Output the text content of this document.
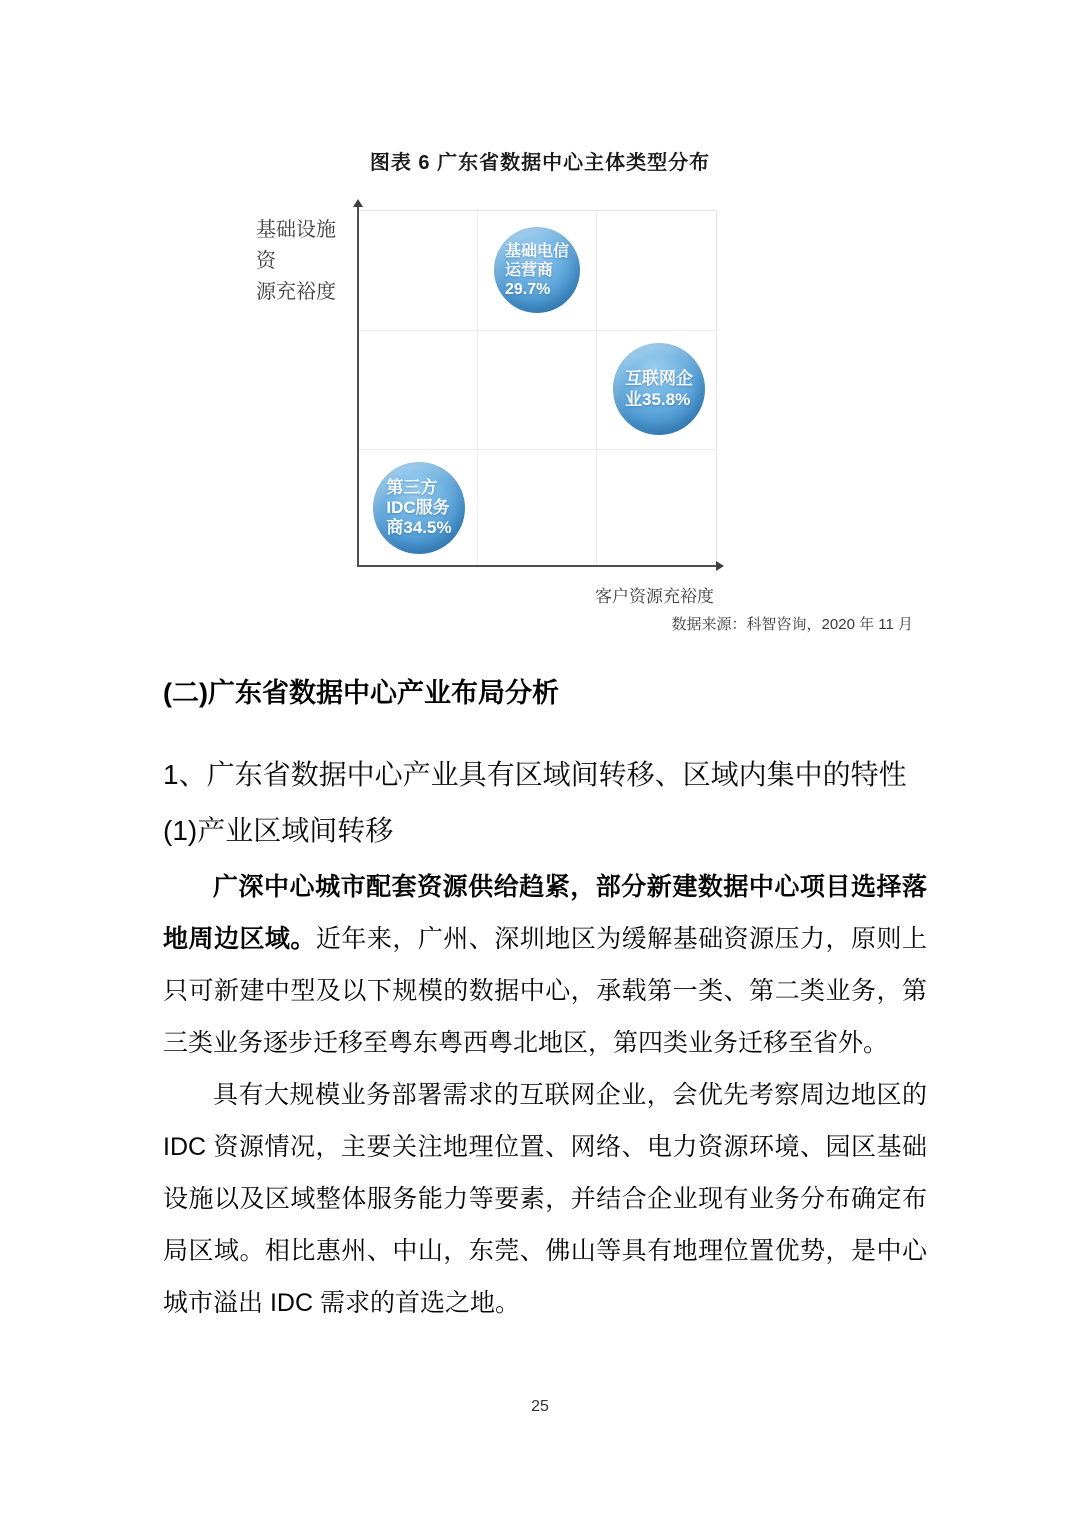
图表 6 广东省数据中心主体类型分布
基础设施资
源充裕度
基础电信
运营商
29.7%
互联网企
业35.8%
第三方
IDC服务
商34.5%
客户资源充裕度
数据来源：科智咨询，2020 年 11 月
(二)广东省数据中心产业布局分析
1、广东省数据中心产业具有区域间转移、区域内集中的特性
(1)产业区域间转移
广深中心城市配套资源供给趋紧，部分新建数据中心项目选择落
地周边区域。近年来，广州、深圳地区为缓解基础资源压力，原则上
只可新建中型及以下规模的数据中心，承载第一类、第二类业务，第
三类业务逐步迁移至粤东粤西粤北地区，第四类业务迁移至省外。
具有大规模业务部署需求的互联网企业，会优先考察周边地区的
IDC 资源情况，主要关注地理位置、网络、电力资源环境、园区基础
设施以及区域整体服务能力等要素，并结合企业现有业务分布确定布
局区域。相比惠州、中山，东莞、佛山等具有地理位置优势，是中心
城市溢出 IDC 需求的首选之地。
25
